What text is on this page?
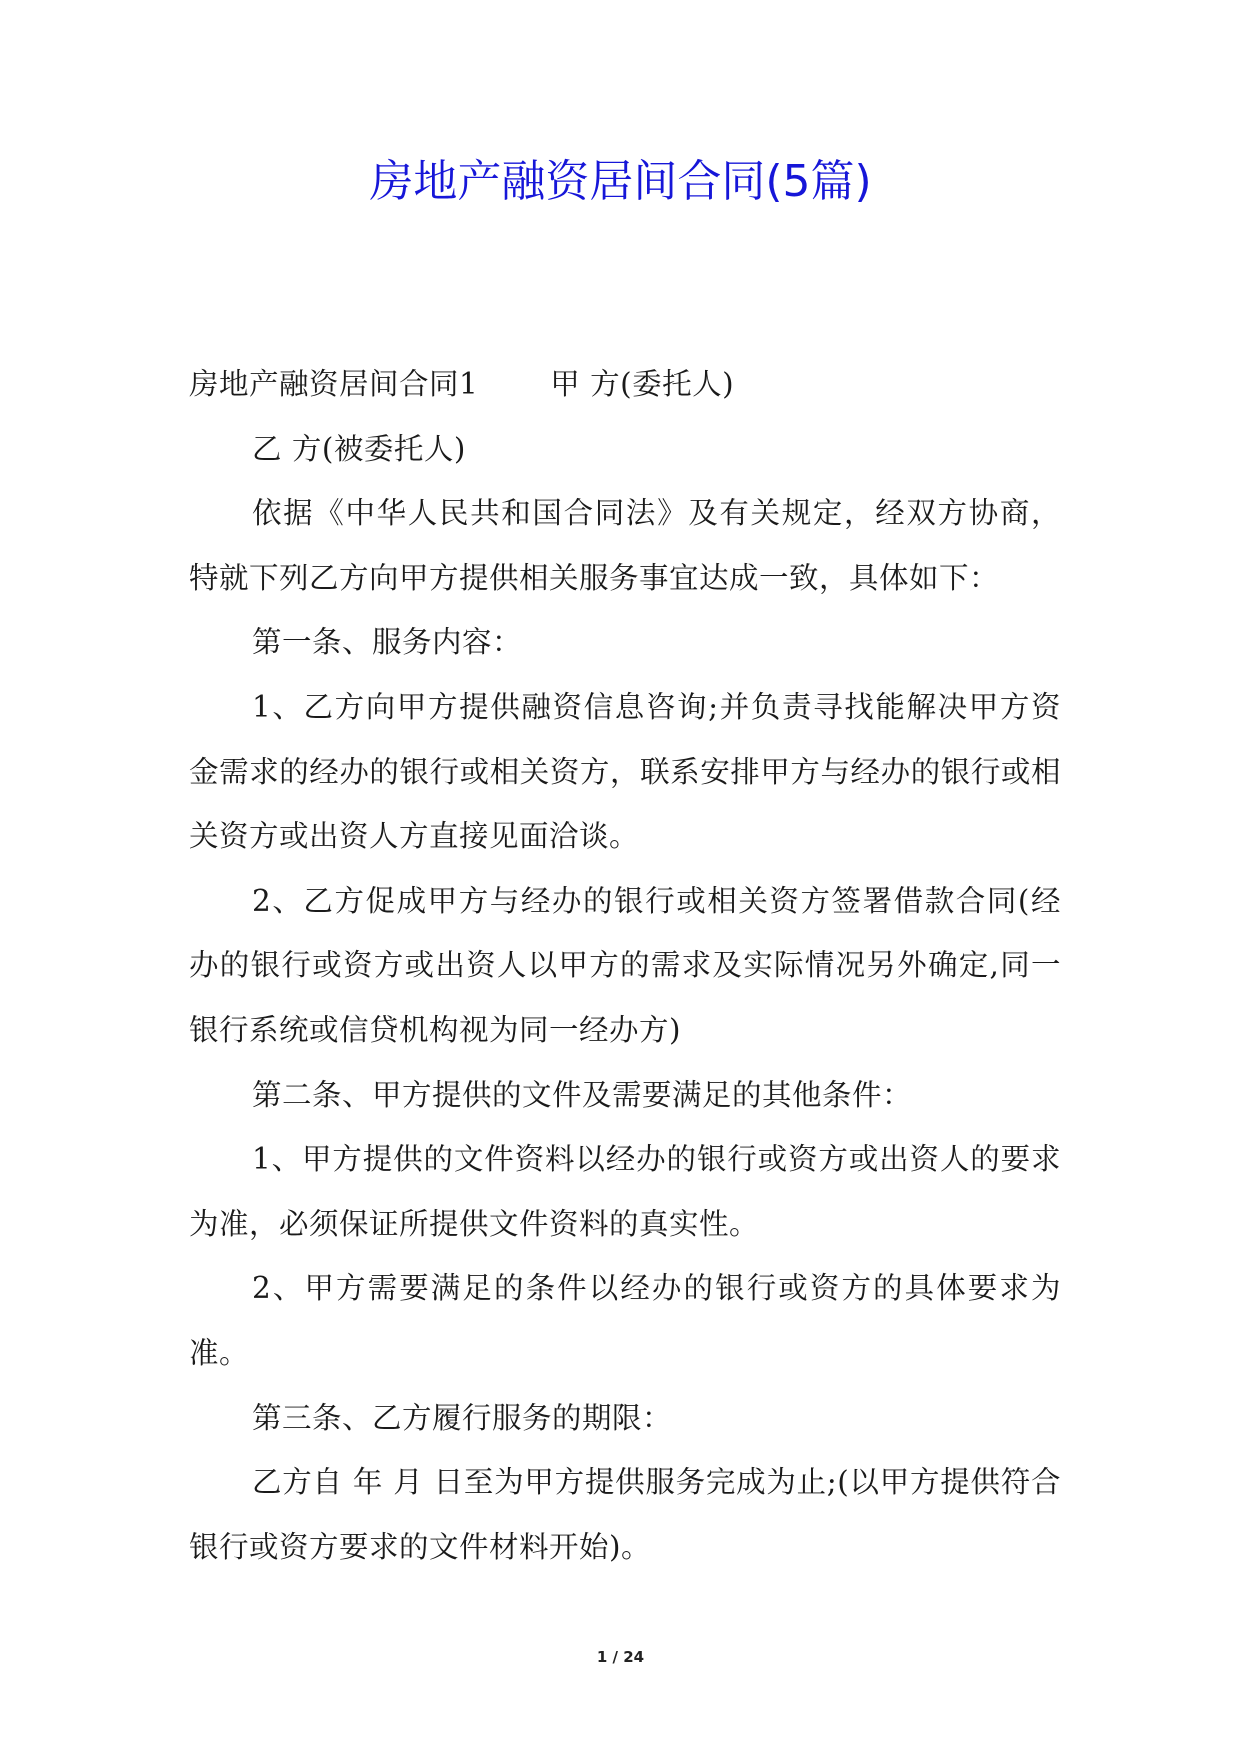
房地产融资居间合同(5篇)

房地产融资居间合同1 甲 方(委托人)

乙 方(被委托人)

依据《中华人民共和国合同法》及有关规定，经双方协商，特就下列乙方向甲方提供相关服务事宜达成一致，具体如下：

第一条、服务内容：

1、乙方向甲方提供融资信息咨询;并负责寻找能解决甲方资金需求的经办的银行或相关资方，联系安排甲方与经办的银行或相关资方或出资人方直接见面洽谈。

2、乙方促成甲方与经办的银行或相关资方签署借款合同(经办的银行或资方或出资人以甲方的需求及实际情况另外确定,同一银行系统或信贷机构视为同一经办方)

第二条、甲方提供的文件及需要满足的其他条件：

1、甲方提供的文件资料以经办的银行或资方或出资人的要求为准，必须保证所提供文件资料的真实性。

2、甲方需要满足的条件以经办的银行或资方的具体要求为准。

第三条、乙方履行服务的期限：

乙方自 年 月 日至为甲方提供服务完成为止;(以甲方提供符合银行或资方要求的文件材料开始)。

1 / 24
